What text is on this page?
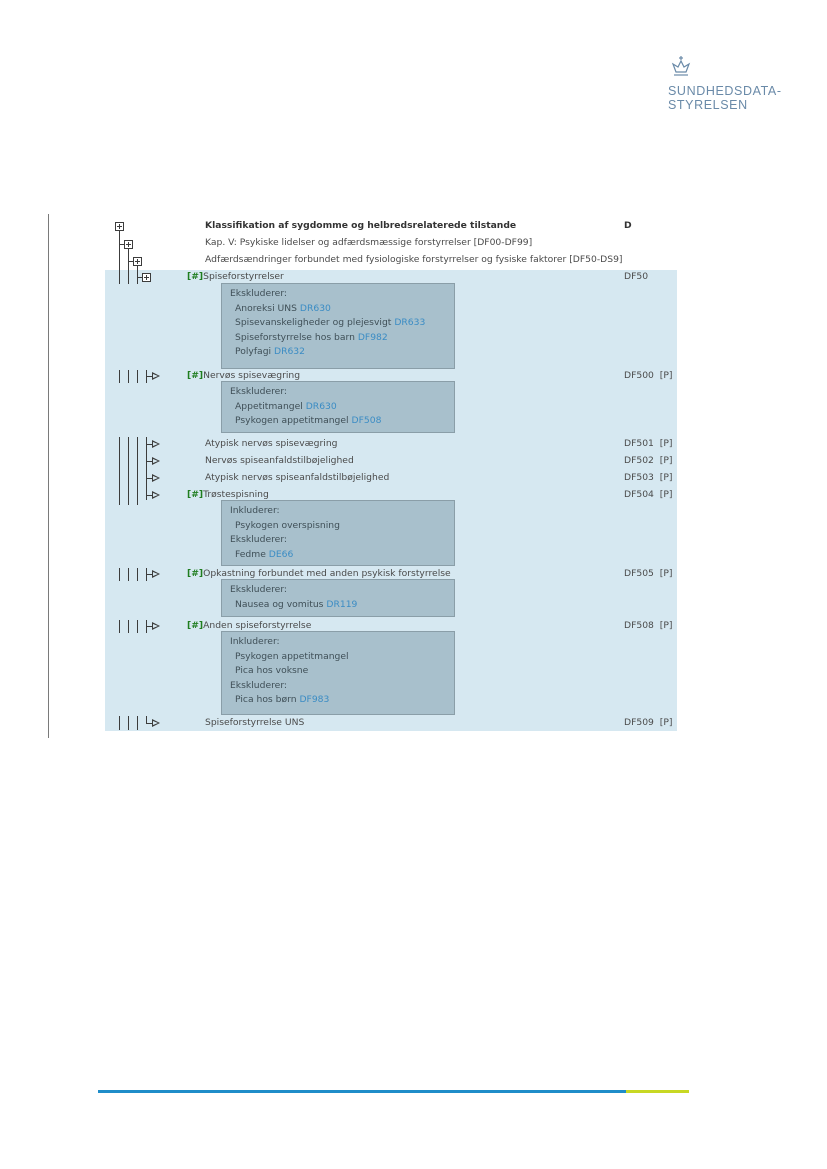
SUNDHEDSDATA-
STYRELSEN
Klassifikation af sygdomme og helbredsrelaterede tilstande	D
Kap. V: Psykiske lidelser og adfærdsmæssige forstyrrelser [DF00-DF99]
Adfærdsændringer forbundet med fysiologiske forstyrrelser og fysiske faktorer [DF50-DS9]
[#]Spiseforstyrrelser	DF50
Ekskluderer:
Anoreksi UNS DR630
Spisevanskeligheder og plejesvigt DR633
Spiseforstyrrelse hos barn DF982
Polyfagi DR632
[#]Nervøs spisevægring	DF500 [P]
Ekskluderer:
Appetitmangel DR630
Psykogen appetitmangel DF508
Atypisk nervøs spisevægring	DF501 [P]
Nervøs spiseanfaldstilbøjelighed	DF502 [P]
Atypisk nervøs spiseanfaldstilbøjelighed	DF503 [P]
[#]Trøstespisning	DF504 [P]
Inkluderer:
Psykogen overspisning
Ekskluderer:
Fedme DE66
[#]Opkastning forbundet med anden psykisk forstyrrelse	DF505 [P]
Ekskluderer:
Nausea og vomitus DR119
[#]Anden spiseforstyrrelse	DF508 [P]
Inkluderer:
Psykogen appetitmangel
Pica hos voksne
Ekskluderer:
Pica hos børn DF983
Spiseforstyrrelse UNS	DF509 [P]
